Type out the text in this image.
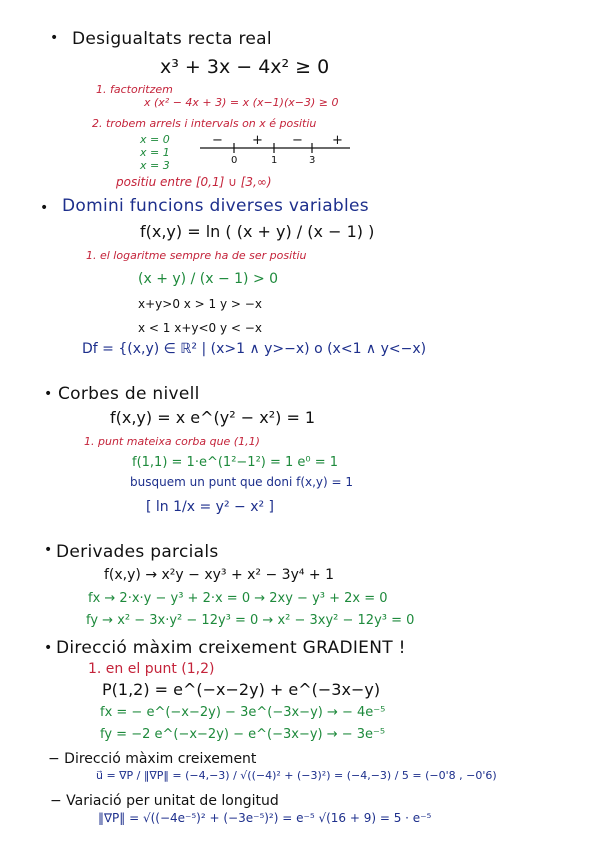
• Desigualtats recta real
x³ + 3x − 4x² ≥ 0
1. factoritzem
x (x² − 4x + 3) = x (x−1)(x−3) ≥ 0
2. trobem arrels i intervals on x é positiu
x = 0
x = 1
x = 3
− + − +
0	1	3
positiu entre [0,1] ∪ [3,∞)
• Domini funcions diverses variables
f(x,y) = ln ( (x + y) / (x − 1) )
1. el logaritme sempre ha de ser positiu
(x + y) / (x − 1) > 0
x+y>0 x > 1 y > −x
x < 1 x+y<0 y < −x
Df = {(x,y) ∈ ℝ² | (x>1 ∧ y>−x) o (x<1 ∧ y<−x)
• Corbes de nivell
f(x,y) = x e^(y² − x²) = 1
1. punt mateixa corba que (1,1)
f(1,1) = 1·e^(1²−1²) = 1 e⁰ = 1
busquem un punt que doni f(x,y) = 1
[ ln 1/x = y² − x² ]
• Derivades parcials
f(x,y) → x²y − xy³ + x² − 3y⁴ + 1
fx → 2·x·y − y³ + 2·x = 0 → 2xy − y³ + 2x = 0
fy → x² − 3x·y² − 12y³ = 0 → x² − 3xy² − 12y³ = 0
• Direcció màxim creixement GRADIENT !
1. en el punt (1,2)
P(1,2) = e^(−x−2y) + e^(−3x−y)
fx = − e^(−x−2y) − 3e^(−3x−y) → − 4e⁻⁵
fy = −2 e^(−x−2y) − e^(−3x−y) → − 3e⁻⁵
− Direcció màxim creixement
u⃗ = ∇P / ‖∇P‖ = (−4,−3) / √((−4)² + (−3)²) = (−4,−3) / 5 = (−0'8 , −0'6)
− Variació per unitat de longitud
‖∇P‖ = √((−4e⁻⁵)² + (−3e⁻⁵)²) = e⁻⁵ √(16 + 9) = 5 · e⁻⁵
